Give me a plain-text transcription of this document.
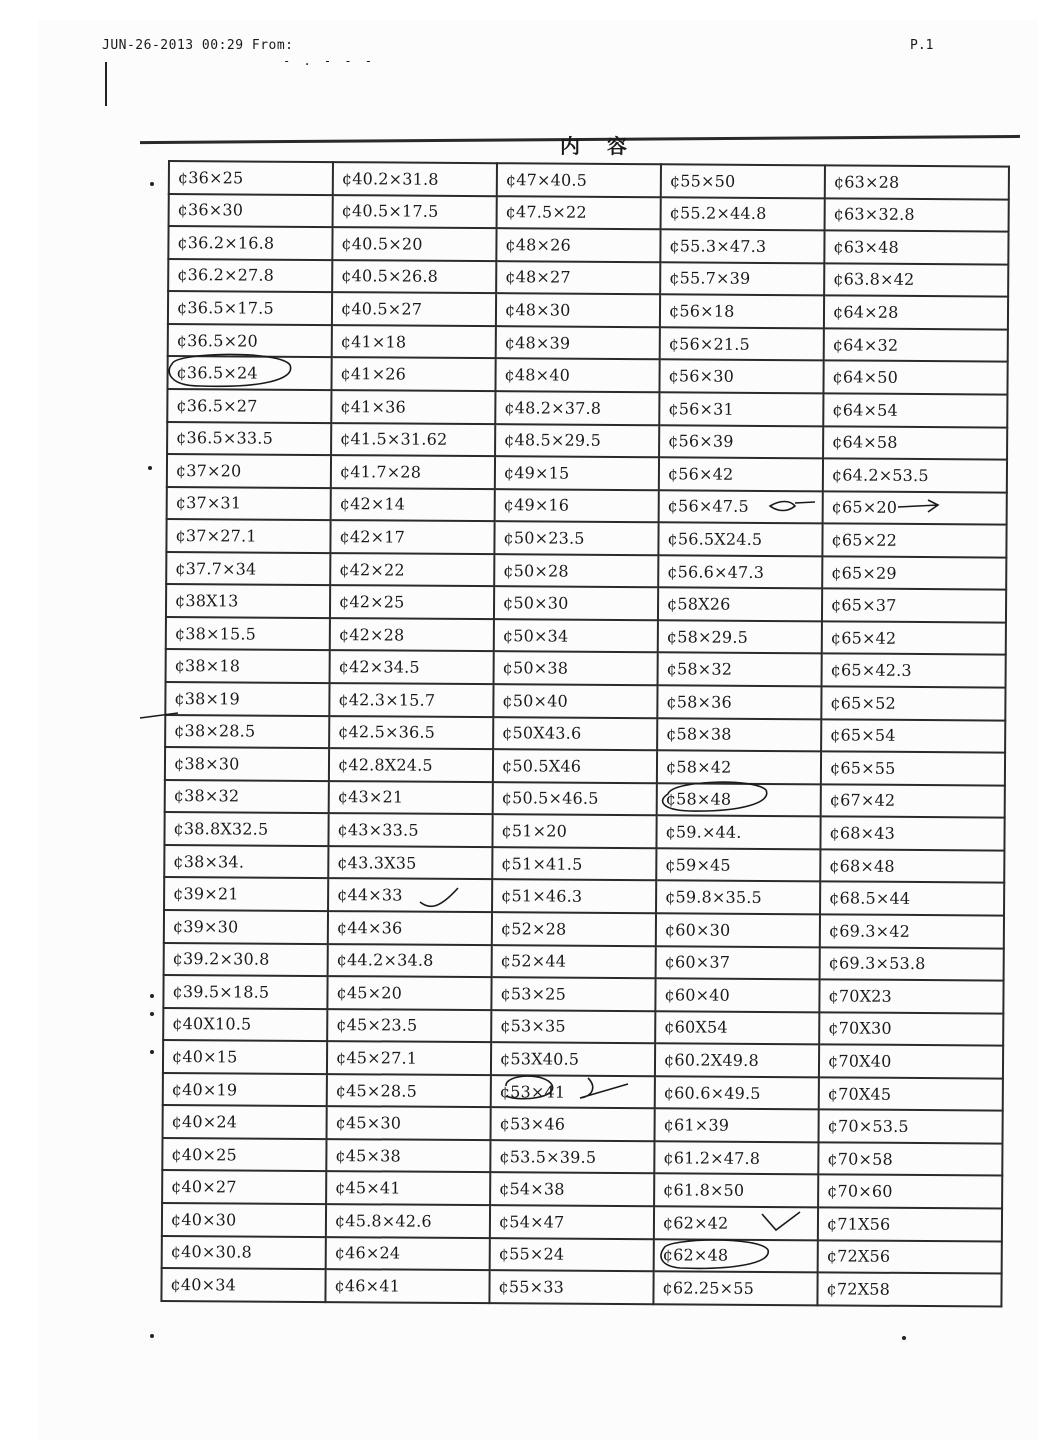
JUN-26-2013 00:29 From:	P.1
- . - - -
内 容
¢36×25	¢40.2×31.8	¢47×40.5	¢55×50	¢63×28
¢36×30	¢40.5×17.5	¢47.5×22	¢55.2×44.8	¢63×32.8
¢36.2×16.8	¢40.5×20	¢48×26	¢55.3×47.3	¢63×48
¢36.2×27.8	¢40.5×26.8	¢48×27	¢55.7×39	¢63.8×42
¢36.5×17.5	¢40.5×27	¢48×30	¢56×18	¢64×28
¢36.5×20	¢41×18	¢48×39	¢56×21.5	¢64×32
¢36.5×24	¢41×26	¢48×40	¢56×30	¢64×50
¢36.5×27	¢41×36	¢48.2×37.8	¢56×31	¢64×54
¢36.5×33.5	¢41.5×31.62	¢48.5×29.5	¢56×39	¢64×58
¢37×20	¢41.7×28	¢49×15	¢56×42	¢64.2×53.5
¢37×31	¢42×14	¢49×16	¢56×47.5	¢65×20
¢37×27.1	¢42×17	¢50×23.5	¢56.5X24.5	¢65×22
¢37.7×34	¢42×22	¢50×28	¢56.6×47.3	¢65×29
¢38X13	¢42×25	¢50×30	¢58X26	¢65×37
¢38×15.5	¢42×28	¢50×34	¢58×29.5	¢65×42
¢38×18	¢42×34.5	¢50×38	¢58×32	¢65×42.3
¢38×19	¢42.3×15.7	¢50×40	¢58×36	¢65×52
¢38×28.5	¢42.5×36.5	¢50X43.6	¢58×38	¢65×54
¢38×30	¢42.8X24.5	¢50.5X46	¢58×42	¢65×55
¢38×32	¢43×21	¢50.5×46.5	¢58×48	¢67×42
¢38.8X32.5	¢43×33.5	¢51×20	¢59.×44.	¢68×43
¢38×34.	¢43.3X35	¢51×41.5	¢59×45	¢68×48
¢39×21	¢44×33	¢51×46.3	¢59.8×35.5	¢68.5×44
¢39×30	¢44×36	¢52×28	¢60×30	¢69.3×42
¢39.2×30.8	¢44.2×34.8	¢52×44	¢60×37	¢69.3×53.8
¢39.5×18.5	¢45×20	¢53×25	¢60×40	¢70X23
¢40X10.5	¢45×23.5	¢53×35	¢60X54	¢70X30
¢40×15	¢45×27.1	¢53X40.5	¢60.2X49.8	¢70X40
¢40×19	¢45×28.5	¢53×41	¢60.6×49.5	¢70X45
¢40×24	¢45×30	¢53×46	¢61×39	¢70×53.5
¢40×25	¢45×38	¢53.5×39.5	¢61.2×47.8	¢70×58
¢40×27	¢45×41	¢54×38	¢61.8×50	¢70×60
¢40×30	¢45.8×42.6	¢54×47	¢62×42	¢71X56
¢40×30.8	¢46×24	¢55×24	¢62×48	¢72X56
¢40×34	¢46×41	¢55×33	¢62.25×55	¢72X58
